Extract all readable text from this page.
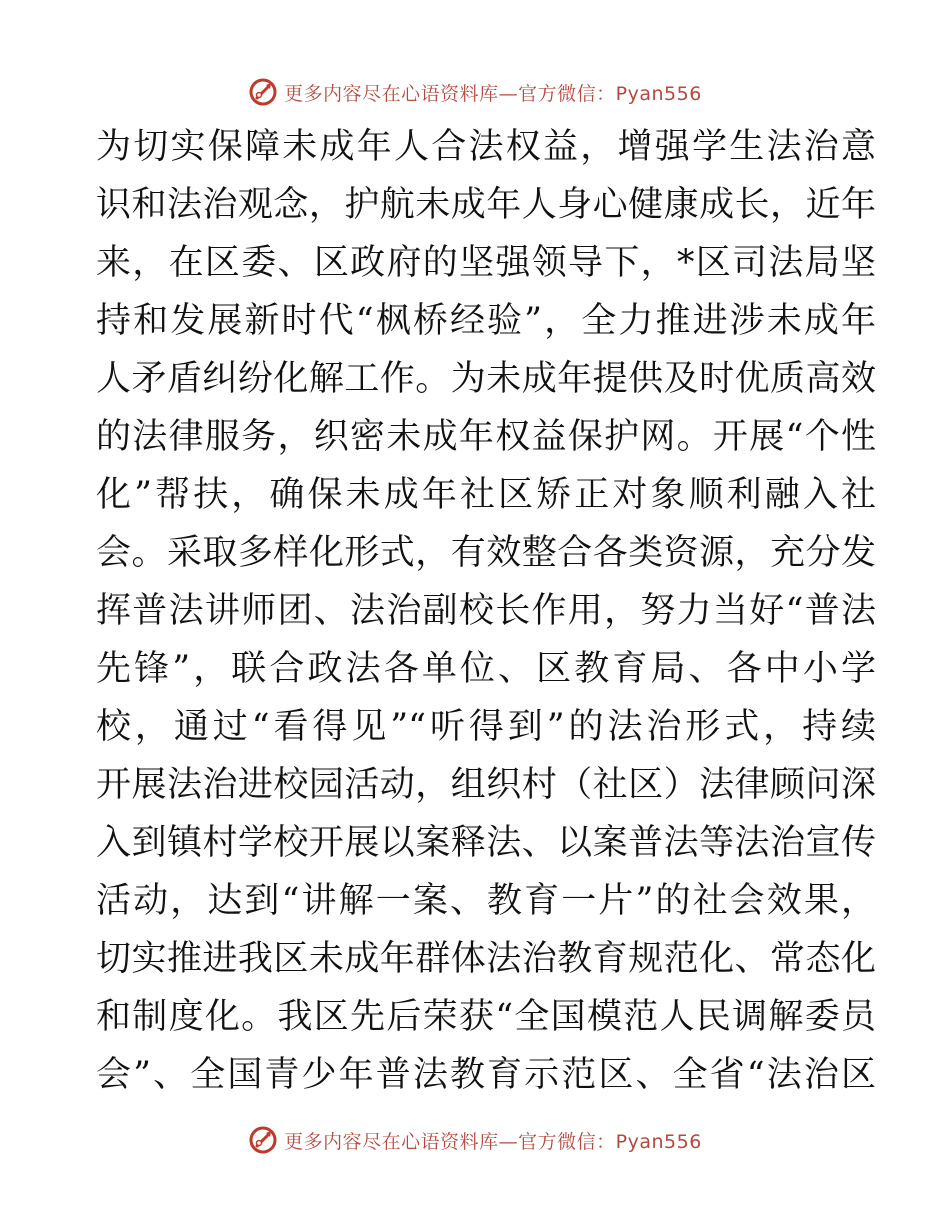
更多内容尽在心语资料库—官方微信：Pyan556
为切实保障未成年人合法权益，增强学生法治意
识和法治观念，护航未成年人身心健康成长，近年
来，在区委、区政府的坚强领导下，*区司法局坚
持和发展新时代“枫桥经验”，全力推进涉未成年
人矛盾纠纷化解工作。为未成年提供及时优质高效
的法律服务，织密未成年权益保护网。开展“个性
化”帮扶，确保未成年社区矫正对象顺利融入社
会。采取多样化形式，有效整合各类资源，充分发
挥普法讲师团、法治副校长作用，努力当好“普法
先锋”，联合政法各单位、区教育局、各中小学
校，通过“看得见”“听得到”的法治形式，持续
开展法治进校园活动，组织村（社区）法律顾问深
入到镇村学校开展以案释法、以案普法等法治宣传
活动，达到“讲解一案、教育一片”的社会效果，
切实推进我区未成年群体法治教育规范化、常态化
和制度化。我区先后荣获“全国模范人民调解委员
会”、全国青少年普法教育示范区、全省“法治区
更多内容尽在心语资料库—官方微信：Pyan556
